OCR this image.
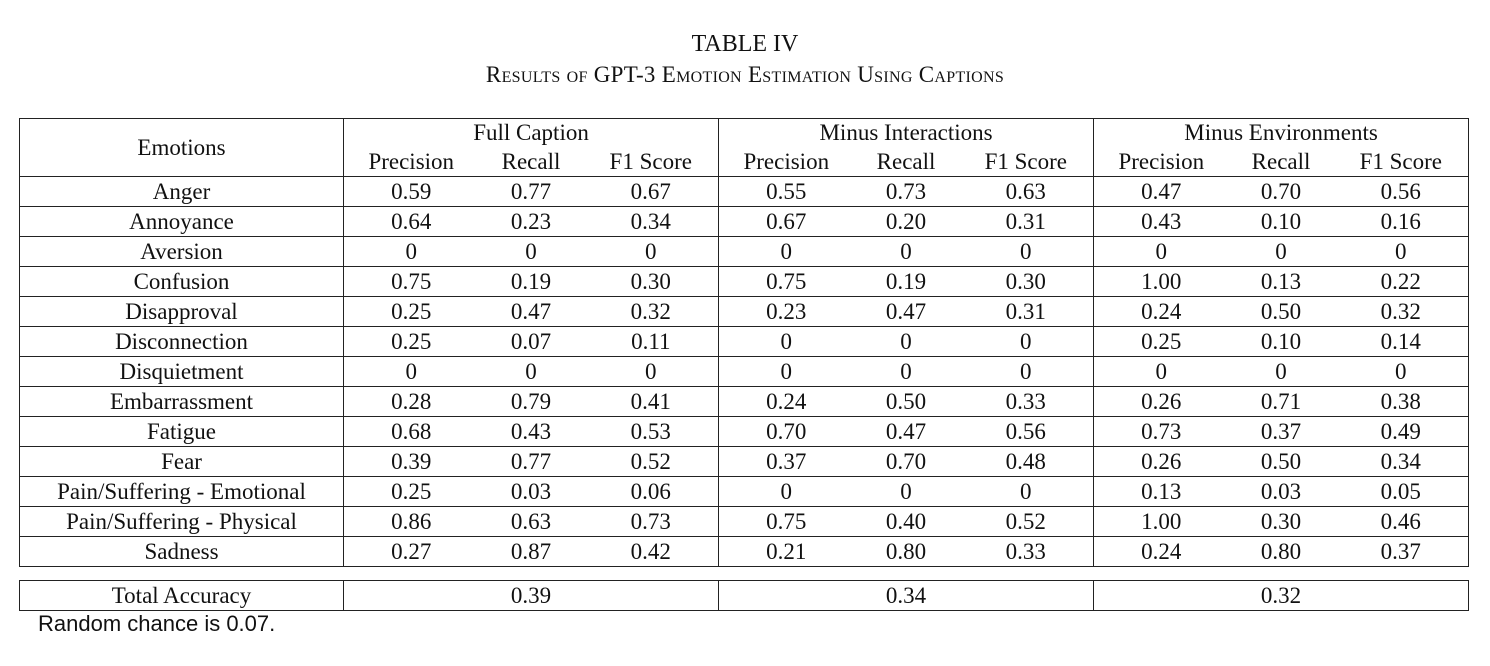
TABLE IV
Results of GPT-3 Emotion Estimation Using Captions
Emotions	Full Caption			Minus Interactions			Minus Environments		
	Precision	Recall	F1 Score	Precision	Recall	F1 Score	Precision	Recall	F1 Score
Anger	0.59	0.77	0.67	0.55	0.73	0.63	0.47	0.70	0.56
Annoyance	0.64	0.23	0.34	0.67	0.20	0.31	0.43	0.10	0.16
Aversion	0	0	0	0	0	0	0	0	0
Confusion	0.75	0.19	0.30	0.75	0.19	0.30	1.00	0.13	0.22
Disapproval	0.25	0.47	0.32	0.23	0.47	0.31	0.24	0.50	0.32
Disconnection	0.25	0.07	0.11	0	0	0	0.25	0.10	0.14
Disquietment	0	0	0	0	0	0	0	0	0
Embarrassment	0.28	0.79	0.41	0.24	0.50	0.33	0.26	0.71	0.38
Fatigue	0.68	0.43	0.53	0.70	0.47	0.56	0.73	0.37	0.49
Fear	0.39	0.77	0.52	0.37	0.70	0.48	0.26	0.50	0.34
Pain/Suffering - Emotional	0.25	0.03	0.06	0	0	0	0.13	0.03	0.05
Pain/Suffering - Physical	0.86	0.63	0.73	0.75	0.40	0.52	1.00	0.30	0.46
Sadness	0.27	0.87	0.42	0.21	0.80	0.33	0.24	0.80	0.37
Total Accuracy	0.39	0.34	0.32
Random chance is 0.07.
